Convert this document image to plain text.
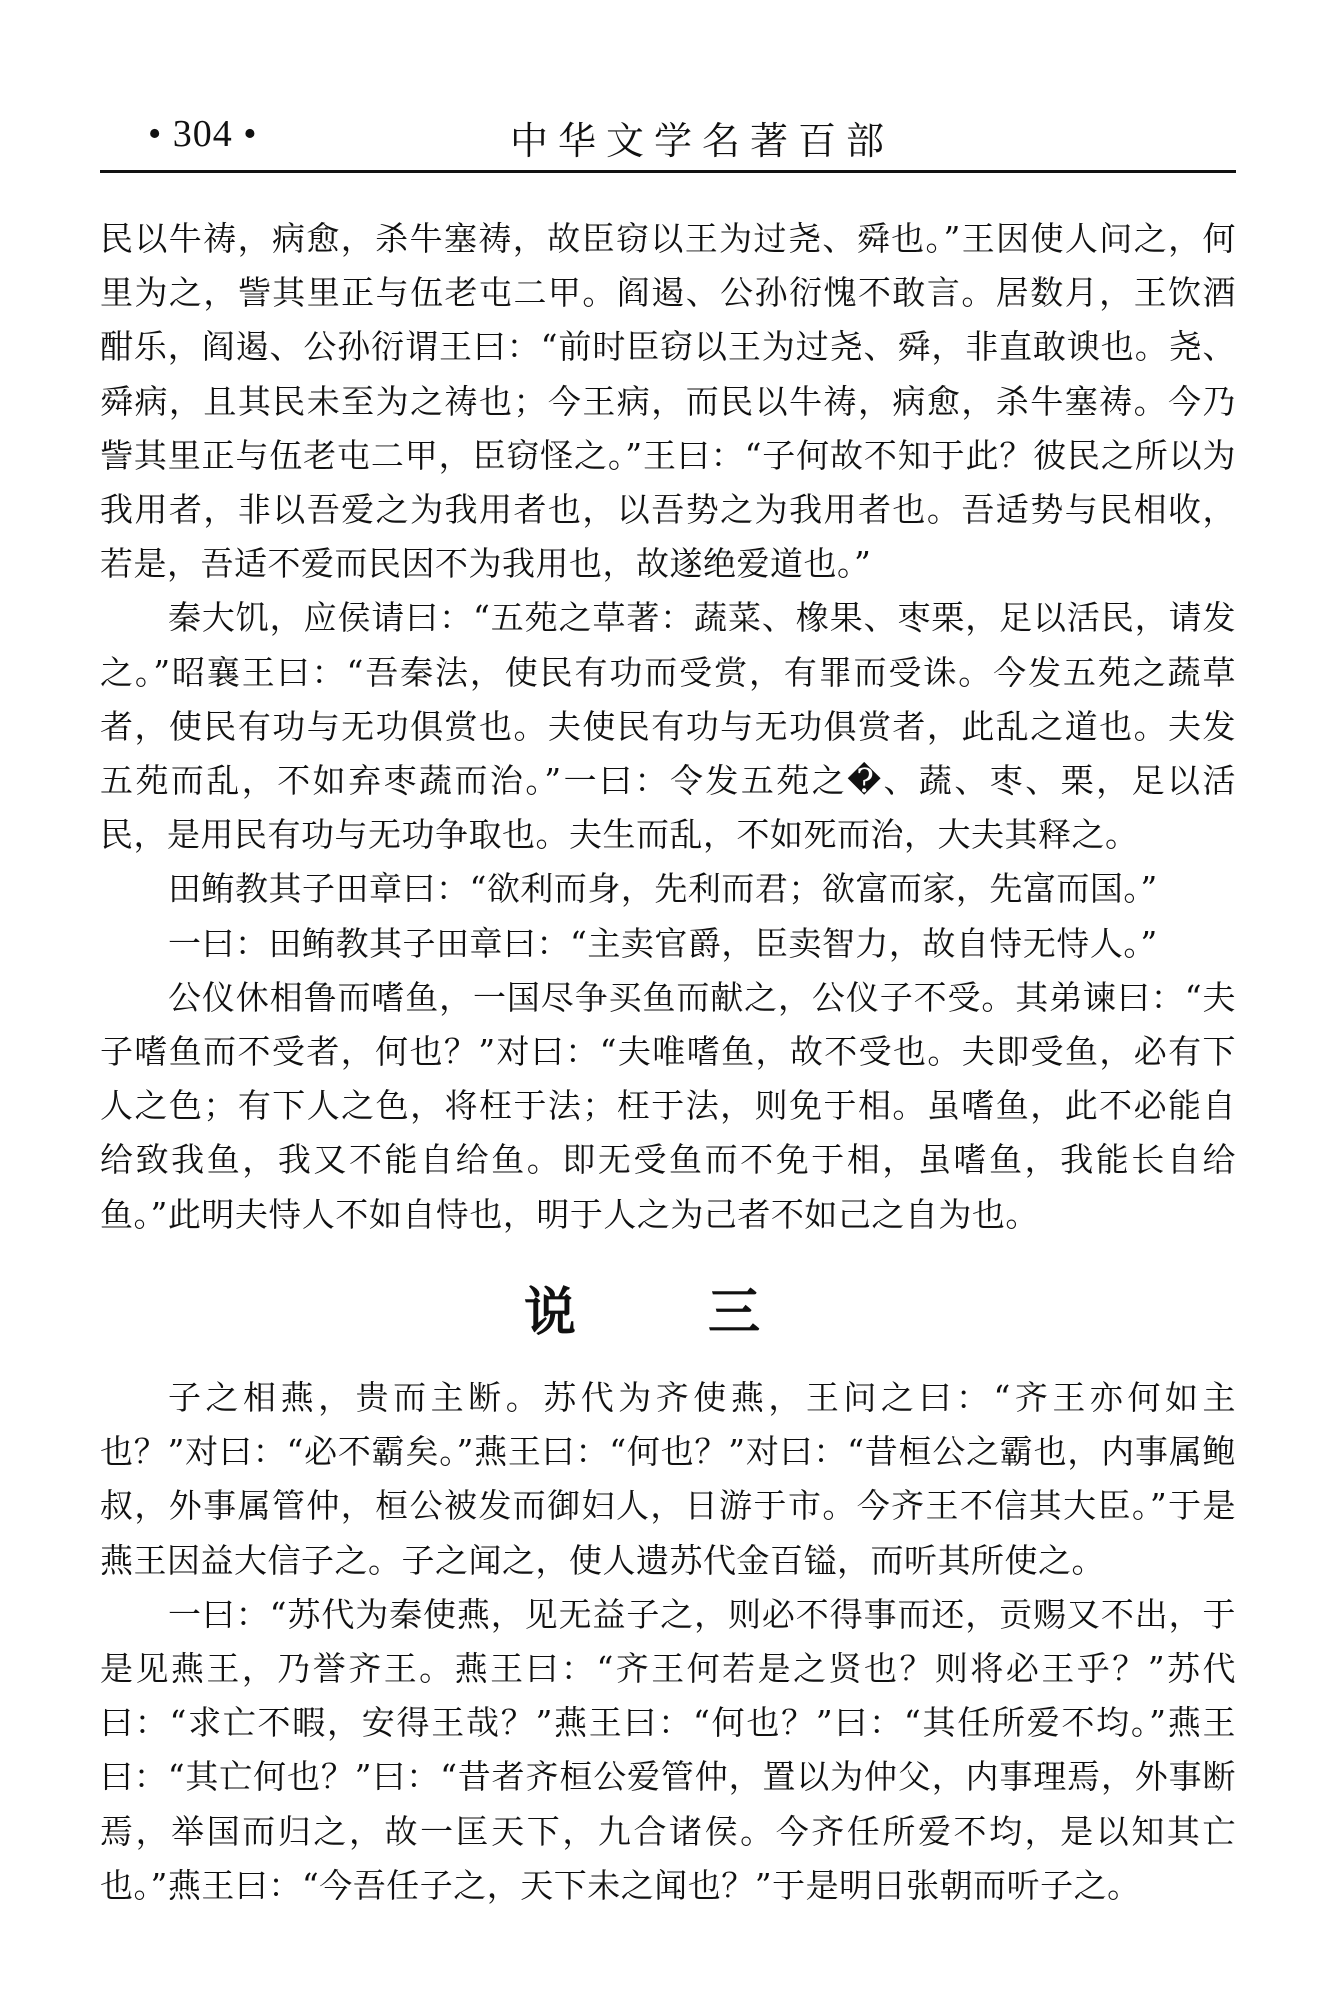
• 304 •	中华文学名著百部

民以牛祷，病愈，杀牛塞祷，故臣窃以王为过尧、舜也。”王因使人问之，何里为之，訾其里正与伍老屯二甲。阎遏、公孙衍愧不敢言。居数月，王饮酒酣乐，阎遏、公孙衍谓王曰：“前时臣窃以王为过尧、舜，非直敢谀也。尧、舜病，且其民未至为之祷也；今王病，而民以牛祷，病愈，杀牛塞祷。今乃訾其里正与伍老屯二甲，臣窃怪之。”王曰：“子何故不知于此？彼民之所以为我用者，非以吾爱之为我用者也，以吾势之为我用者也。吾适势与民相收，若是，吾适不爱而民因不为我用也，故遂绝爱道也。”

秦大饥，应侯请曰：“五苑之草著：蔬菜、橡果、枣栗，足以活民，请发之。”昭襄王曰：“吾秦法，使民有功而受赏，有罪而受诛。今发五苑之蔬草者，使民有功与无功俱赏也。夫使民有功与无功俱赏者，此乱之道也。夫发五苑而乱，不如弃枣蔬而治。”一曰：令发五苑之�、蔬、枣、栗，足以活民，是用民有功与无功争取也。夫生而乱，不如死而治，大夫其释之。

田鲔教其子田章曰：“欲利而身，先利而君；欲富而家，先富而国。”

一曰：田鲔教其子田章曰：“主卖官爵，臣卖智力，故自恃无恃人。”

公仪休相鲁而嗜鱼，一国尽争买鱼而献之，公仪子不受。其弟谏曰：“夫子嗜鱼而不受者，何也？”对曰：“夫唯嗜鱼，故不受也。夫即受鱼，必有下人之色；有下人之色，将枉于法；枉于法，则免于相。虽嗜鱼，此不必能自给致我鱼，我又不能自给鱼。即无受鱼而不免于相，虽嗜鱼，我能长自给鱼。”此明夫恃人不如自恃也，明于人之为己者不如己之自为也。

说　三

子之相燕，贵而主断。苏代为齐使燕，王问之曰：“齐王亦何如主也？”对曰：“必不霸矣。”燕王曰：“何也？”对曰：“昔桓公之霸也，内事属鲍叔，外事属管仲，桓公被发而御妇人，日游于市。今齐王不信其大臣。”于是燕王因益大信子之。子之闻之，使人遗苏代金百镒，而听其所使之。

一曰：“苏代为秦使燕，见无益子之，则必不得事而还，贡赐又不出，于是见燕王，乃誉齐王。燕王曰：“齐王何若是之贤也？则将必王乎？”苏代曰：“求亡不暇，安得王哉？”燕王曰：“何也？”曰：“其任所爱不均。”燕王曰：“其亡何也？”曰：“昔者齐桓公爱管仲，置以为仲父，内事理焉，外事断焉，举国而归之，故一匡天下，九合诸侯。今齐任所爱不均，是以知其亡也。”燕王曰：“今吾任子之，天下未之闻也？”于是明日张朝而听子之。
